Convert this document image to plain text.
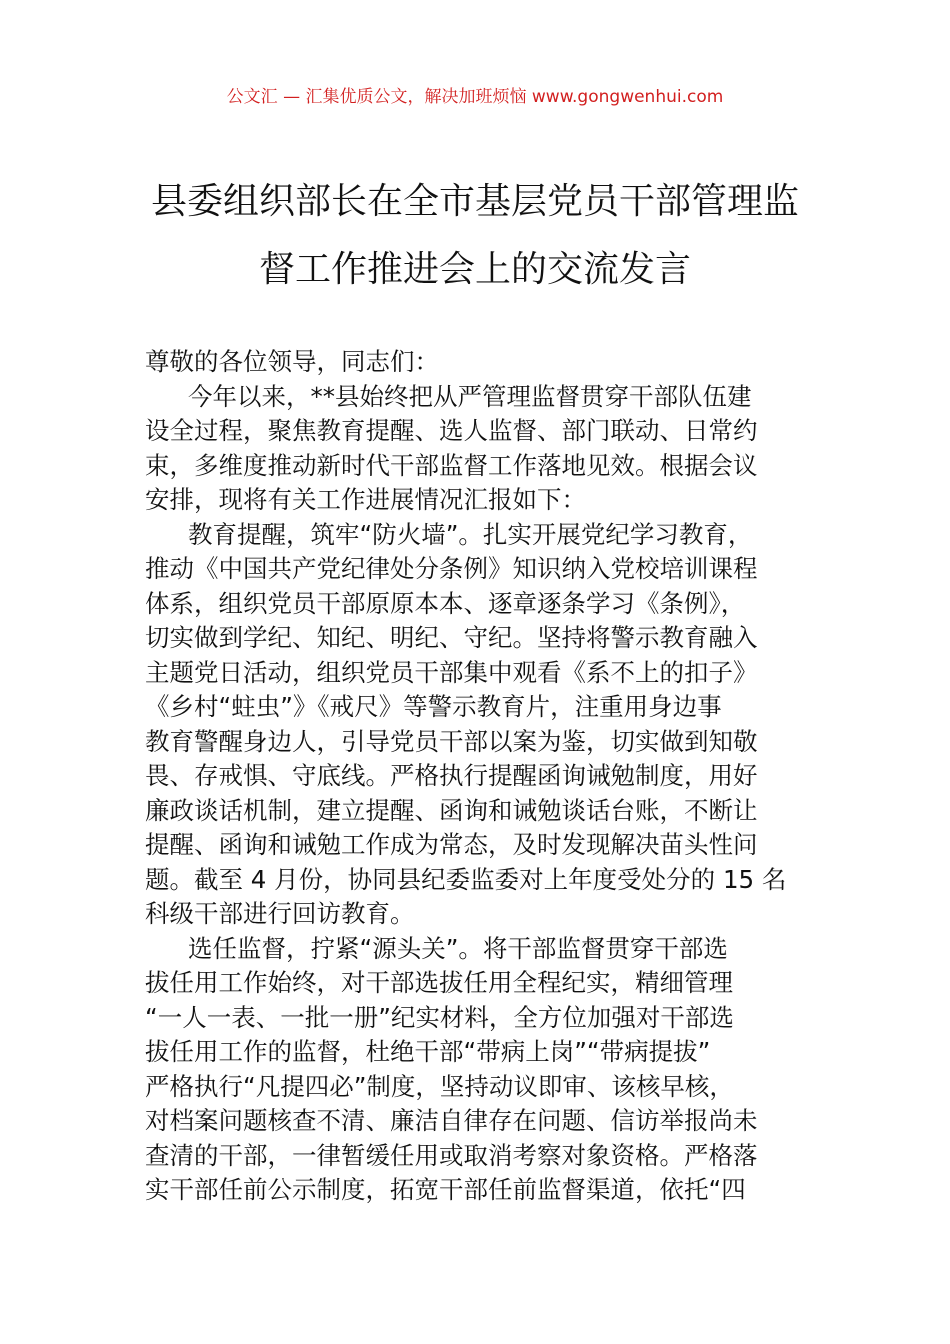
公文汇 — 汇集优质公文，解决加班烦恼 www.gongwenhui.com
县委组织部长在全市基层党员干部管理监
督工作推进会上的交流发言
尊敬的各位领导，同志们：
今年以来，**县始终把从严管理监督贯穿干部队伍建
设全过程，聚焦教育提醒、选人监督、部门联动、日常约
束，多维度推动新时代干部监督工作落地见效。根据会议
安排，现将有关工作进展情况汇报如下：
教育提醒，筑牢“防火墙”。扎实开展党纪学习教育，
推动《中国共产党纪律处分条例》知识纳入党校培训课程
体系，组织党员干部原原本本、逐章逐条学习《条例》，
切实做到学纪、知纪、明纪、守纪。坚持将警示教育融入
主题党日活动，组织党员干部集中观看《系不上的扣子》
《乡村“蛀虫”》《戒尺》等警示教育片，注重用身边事
教育警醒身边人，引导党员干部以案为鉴，切实做到知敬
畏、存戒惧、守底线。严格执行提醒函询诫勉制度，用好
廉政谈话机制，建立提醒、函询和诫勉谈话台账，不断让
提醒、函询和诫勉工作成为常态，及时发现解决苗头性问
题。截至 4 月份，协同县纪委监委对上年度受处分的 15 名
科级干部进行回访教育。
选任监督，拧紧“源头关”。将干部监督贯穿干部选
拔任用工作始终，对干部选拔任用全程纪实，精细管理
“一人一表、一批一册”纪实材料，全方位加强对干部选
拔任用工作的监督，杜绝干部“带病上岗”“带病提拔”
严格执行“凡提四必”制度，坚持动议即审、该核早核，
对档案问题核查不清、廉洁自律存在问题、信访举报尚未
查清的干部，一律暂缓任用或取消考察对象资格。严格落
实干部任前公示制度，拓宽干部任前监督渠道，依托“四
